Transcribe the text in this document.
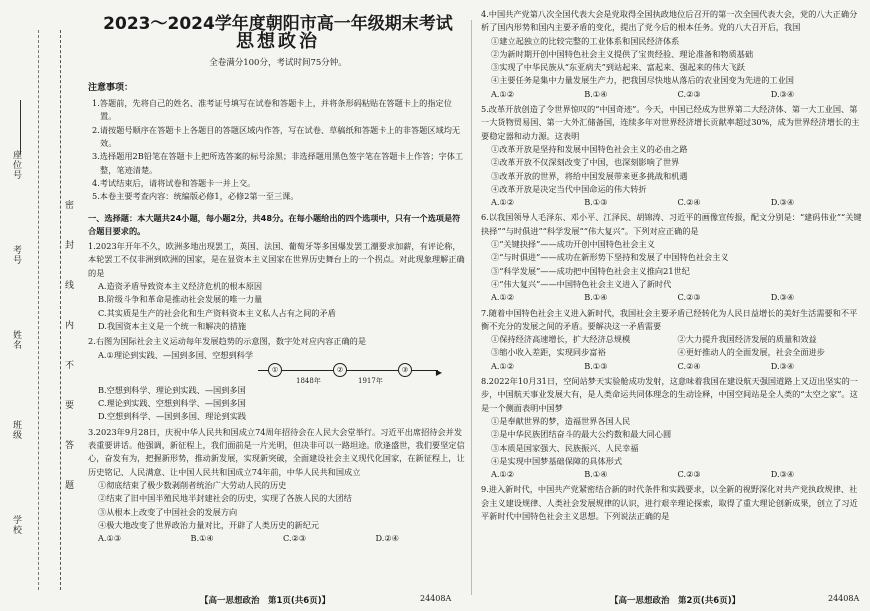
座位号
考号
姓名
班级
学校
密
封
线
内
不
要
答
题
2023～2024学年度朝阳市高一年级期末考试
思想政治
全卷满分100分，考试时间75分钟。
注意事项：

1.答题前，先将自己的姓名、准考证号填写在试卷和答题卡上，并将条形码粘贴在答题卡上的指定位置。

2.请按题号顺序在答题卡上各题目的答题区域内作答，写在试卷、草稿纸和答题卡上的非答题区域均无效。

3.选择题用2B铅笔在答题卡上把所选答案的标号涂黑；非选择题用黑色签字笔在答题卡上作答；字体工整，笔迹清楚。

4.考试结束后，请将试卷和答题卡一并上交。

5.本卷主要考查内容：统编版必修1，必修2第一至三课。

一、选择题：本大题共24小题，每小题2分，共48分。在每小题给出的四个选项中，只有一个选项是符合题目要求的。

1.2023年开年不久，欧洲多地出现罢工，英国、法国、葡萄牙等多国爆发罢工潮要求加薪，有评论称，本轮罢工不仅非洲到欧洲的国家，是在显资本主义国家在世界历史舞台上的一个拐点。对此现象理解正确的是

A.造资矛盾导致资本主义经济危机的根本原因

B.阶级斗争和革命是推动社会发展的唯一力量

C.其实质是生产的社会化和生产资料资本主义私人占有之间的矛盾

D.我国资本主义是一个统一和解决的措施

2.右图为国际社会主义运动每年发展趋势的示意图，数字处对应内容正确的是

A.①理论到实践、—国到多国、空想到科学

▶
①	②	③
1848年	1917年

B.空想到科学、理论到实践、—国到多国

C.理论到实践、空想到科学、—国到多国

D.空想到科学、—国到多国、理论到实践

3.2023年9月28日，庆祝中华人民共和国成立74周年招待会在人民大会堂举行。习近平出席招待会并发表重要讲话。他强调，新征程上，我们面前是一片光明，但决非可以一路坦途。欣逢盛世，我们要坚定信心，奋发有为，把握新形势，推动新发展，实现新突破，全面建设社会主义现代化国家，在新征程上，让历史铭记、人民满意、让中国人民共和国成立74年前，中华人民共和国成立

①彻底结束了极少数剥削者统治广大劳动人民的历史

②结束了旧中国半殖民地半封建社会的历史，实现了各族人民的大团结

③从根本上改变了中国社会的发展方向

④极大地改变了世界政治力量对比，开辟了人类历史的新纪元

A.①③	B.①④	C.②③	D.②④
【高一思想政治　第1页(共6页)】	24408A

4.中国共产党第八次全国代表大会是党取得全国执政地位后召开的第一次全国代表大会，党的八大正确分析了国内形势和国内主要矛盾的变化，提出了党今后的根本任务。党的八大召开后，我国

①建立起独立的比较完整的工业体系和国民经济体系

②为新时期开创中国特色社会主义提供了宝贵经验、理论准备和物质基础

③实现了中华民族从“东亚病夫”到站起来、富起来、强起来的伟大飞跃

④主要任务是集中力量发展生产力，把我国尽快地从落后的农业国变为先进的工业国

A.①②	B.①④	C.②③	D.③④

5.改革开放创造了令世界惊叹的“中国奇迹”。今天，中国已经成为世界第二大经济体、第一大工业国、第一大货物贸易国、第一大外汇储备国，连续多年对世界经济增长贡献率超过30%，成为世界经济增长的主要稳定器和动力源。这表明

①改革开放是坚持和发展中国特色社会主义的必由之路

②改革开放不仅深刻改变了中国，也深刻影响了世界

③改革开放的世界，将给中国发展带来更多挑战和机遇

④改革开放是决定当代中国命运的伟大转折

A.①②	B.①③	C.②④	D.③④

6.以我国领导人毛泽东、邓小平、江泽民、胡锦涛、习近平的画像宣传报，配文分别是：“建码伟业”“关键抉择”“与时俱进”“科学发展”“伟大复兴”。下列对应正确的是

①“关键抉择”——成功开创中国特色社会主义

②“与时俱进”——成功在新形势下坚持和发展了中国特色社会主义

③“科学发展”——成功把中国特色社会主义推向21世纪

④“伟大复兴”——中国特色社会主义进入了新时代

A.①②	B.①④	C.②③	D.③④

7.随着中国特色社会主义进入新时代，我国社会主要矛盾已经转化为人民日益增长的美好生活需要和不平衡不充分的发展之间的矛盾。要解决这一矛盾需要

①保持经济高速增长，扩大经济总规模	②大力提升我国经济发展的质量和效益
③缩小收入差距，实现同步富裕	④更好推动人的全面发展，社会全面进步
A.①②	B.①③	C.②④	D.③④

8.2022年10月31日，空间站梦天实验舱成功发射，这意味着我国在建设航天强国道路上又迈出坚实的一步，中国航天事业发展大有，是人类命运共同体理念的生动诠释，中国空间站是全人类的“太空之家”。这是一个侧面表明中国梦

①是奉献世界的梦，造福世界各国人民

②是中华民族团结奋斗的最大公约数和最大同心圆

③本质是国家强大、民族振兴、人民幸福

④是实现中国梦基础保障的具体形式

A.①②	B.①④	C.②③	D.③④

9.进入新时代，中国共产党紧密结合新的时代条件和实践要求，以全新的视野深化对共产党执政规律、社会主义建设规律、人类社会发展规律的认识，进行艰辛理论探索，取得了重大理论创新成果，创立了习近平新时代中国特色社会主义思想。下列说法正确的是

【高一思想政治　第2页(共6页)】	24408A
